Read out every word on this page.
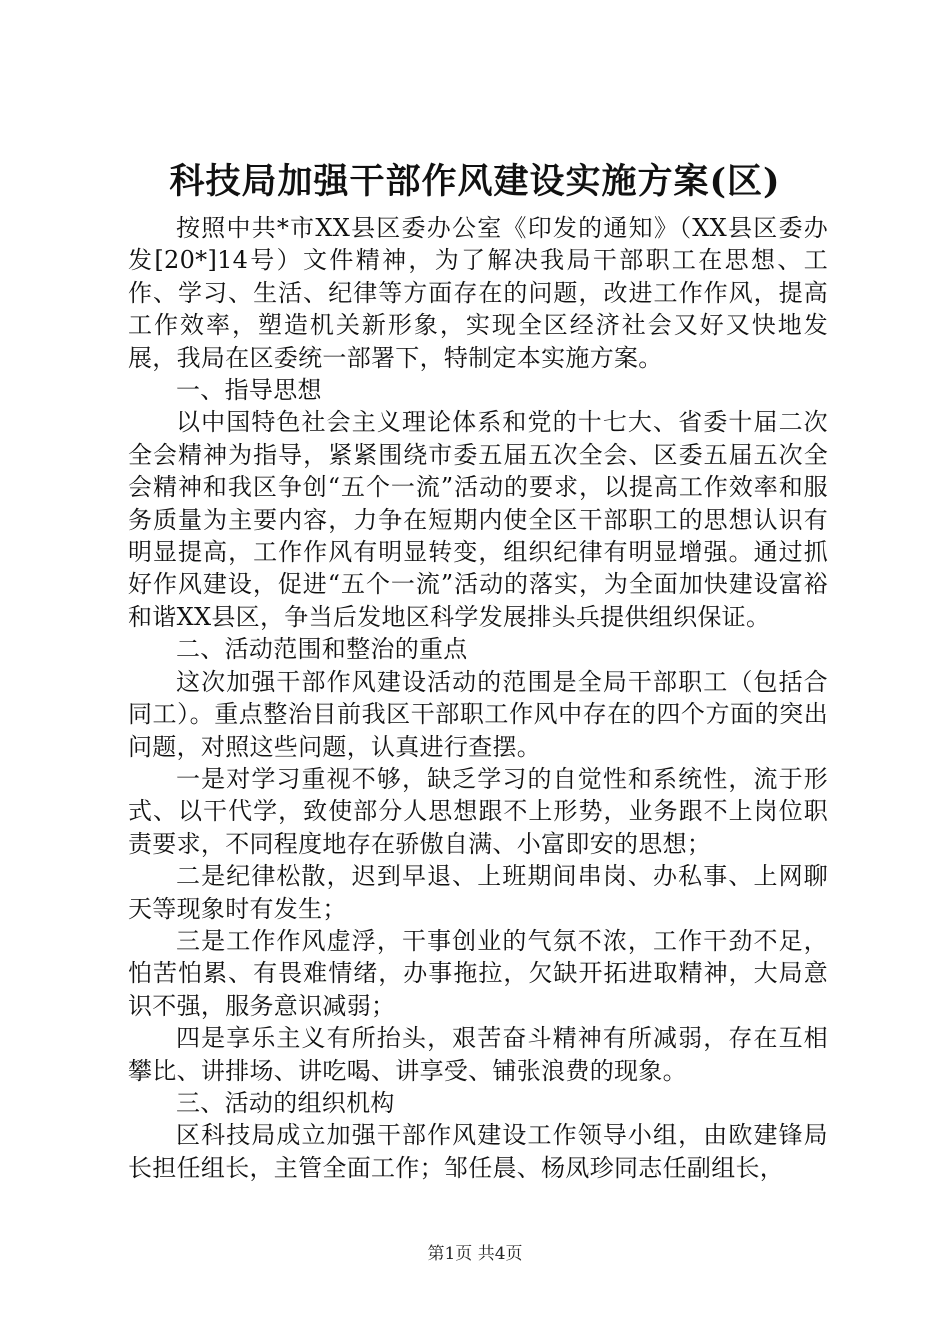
科技局加强干部作风建设实施方案(区)

按照中共*市XX县区委办公室《印发的通知》（XX县区委办发[20*]14号）文件精神，为了解决我局干部职工在思想、工作、学习、生活、纪律等方面存在的问题，改进工作作风，提高工作效率，塑造机关新形象，实现全区经济社会又好又快地发展，我局在区委统一部署下，特制定本实施方案。

一、指导思想

以中国特色社会主义理论体系和党的十七大、省委十届二次全会精神为指导，紧紧围绕市委五届五次全会、区委五届五次全会精神和我区争创“五个一流”活动的要求，以提高工作效率和服务质量为主要内容，力争在短期内使全区干部职工的思想认识有明显提高，工作作风有明显转变，组织纪律有明显增强。通过抓好作风建设，促进“五个一流”活动的落实，为全面加快建设富裕和谐XX县区，争当后发地区科学发展排头兵提供组织保证。

二、活动范围和整治的重点

这次加强干部作风建设活动的范围是全局干部职工（包括合同工）。重点整治目前我区干部职工作风中存在的四个方面的突出问题，对照这些问题，认真进行查摆。

一是对学习重视不够，缺乏学习的自觉性和系统性，流于形式、以干代学，致使部分人思想跟不上形势，业务跟不上岗位职责要求，不同程度地存在骄傲自满、小富即安的思想；

二是纪律松散，迟到早退、上班期间串岗、办私事、上网聊天等现象时有发生；

三是工作作风虚浮，干事创业的气氛不浓，工作干劲不足，怕苦怕累、有畏难情绪，办事拖拉，欠缺开拓进取精神，大局意识不强，服务意识减弱；

四是享乐主义有所抬头，艰苦奋斗精神有所减弱，存在互相攀比、讲排场、讲吃喝、讲享受、铺张浪费的现象。

三、活动的组织机构

区科技局成立加强干部作风建设工作领导小组，由欧建锋局长担任组长，主管全面工作；邹任晨、杨凤珍同志任副组长，

第1页 共4页
